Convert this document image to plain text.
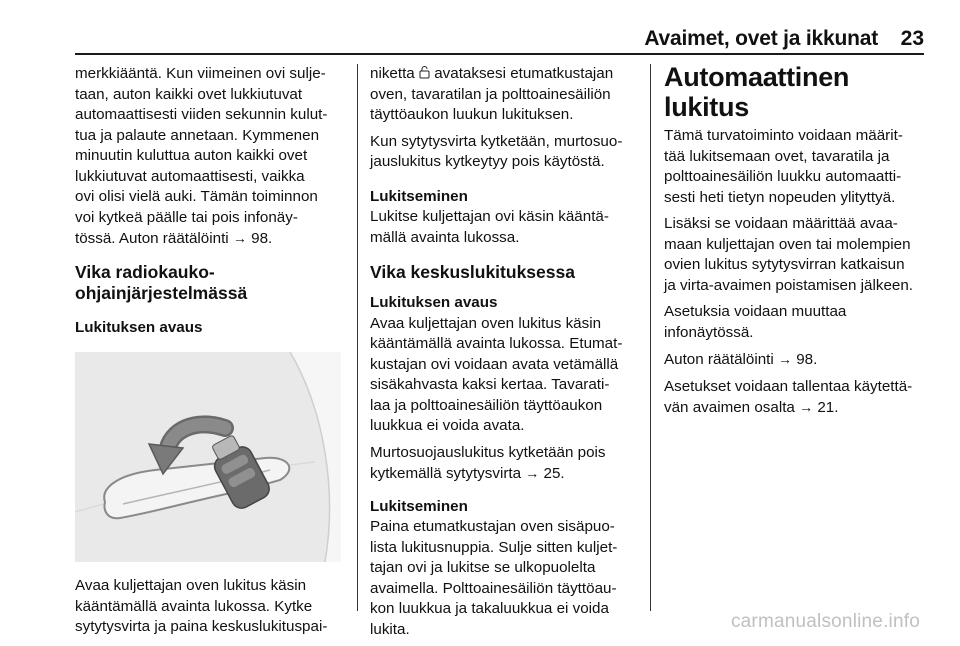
Avaimet, ovet ja ikkunat 23

merkkiääntä. Kun viimeinen ovi sulje-
taan, auton kaikki ovet lukkiutuvat
automaattisesti viiden sekunnin kulut-
tua ja palaute annetaan. Kymmenen
minuutin kuluttua auton kaikki ovet
lukkiutuvat automaattisesti, vaikka
ovi olisi vielä auki. Tämän toiminnon
voi kytkeä päälle tai pois infonäy-
tössä. Auton räätälöinti → 98.

Vika radiokauko-
ohjainjärjestelmässä
Lukituksen avaus

Avaa kuljettajan oven lukitus käsin
kääntämällä avainta lukossa. Kytke
sytytysvirta ja paina keskuslukituspai-

niketta avataksesi etumatkustajan
oven, tavaratilan ja polttoainesäiliön
täyttöaukon luukun lukituksen.

Kun sytytysvirta kytketään, murtosuo-
jauslukitus kytkeytyy pois käytöstä.

Lukitseminen

Lukitse kuljettajan ovi käsin kääntä-
mällä avainta lukossa.

Vika keskuslukituksessa
Lukituksen avaus

Avaa kuljettajan oven lukitus käsin
kääntämällä avainta lukossa. Etumat-
kustajan ovi voidaan avata vetämällä
sisäkahvasta kaksi kertaa. Tavarati-
laa ja polttoainesäiliön täyttöaukon
luukkua ei voida avata.

Murtosuojauslukitus kytketään pois
kytkemällä sytytysvirta → 25.

Lukitseminen

Paina etumatkustajan oven sisäpuo-
lista lukitusnuppia. Sulje sitten kuljet-
tajan ovi ja lukitse se ulkopuolelta
avaimella. Polttoainesäiliön täyttöau-
kon luukkua ja takaluukkua ei voida
lukita.

Automaattinen lukitus

Tämä turvatoiminto voidaan määrit-
tää lukitsemaan ovet, tavaratila ja
polttoainesäiliön luukku automaatti-
sesti heti tietyn nopeuden ylityttyä.

Lisäksi se voidaan määrittää avaa-
maan kuljettajan oven tai molempien
ovien lukitus sytytysvirran katkaisun
ja virta-avaimen poistamisen jälkeen.

Asetuksia voidaan muuttaa
infonäytössä.

Auton räätälöinti → 98.

Asetukset voidaan tallentaa käytettä-
vän avaimen osalta → 21.

carmanualsonline.info
